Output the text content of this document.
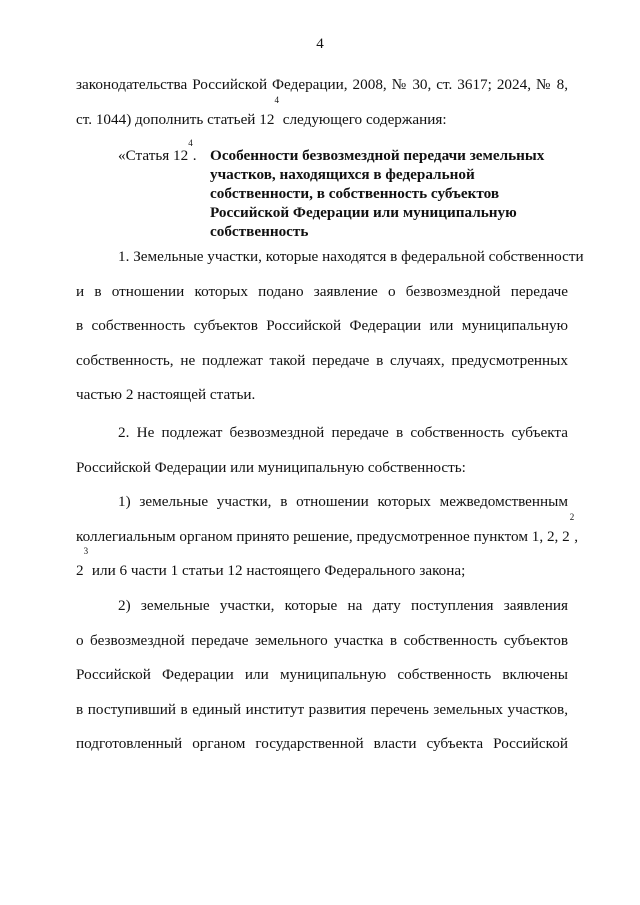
4
законодательства Российской Федерации, 2008, № 30, ст. 3617; 2024, № 8,
ст. 1044) дополнить статьей $12^4$ следующего содержания:
«Статья $12^4$. Особенности безвозмездной передачи земельных
участков, находящихся в федеральной
собственности, в собственность субъектов
Российской Федерации или муниципальную
собственность
1. Земельные участки, которые находятся в федеральной собственности
и в отношении которых подано заявление о безвозмездной передаче
в собственность субъектов Российской Федерации или муниципальную
собственность, не подлежат такой передаче в случаях, предусмотренных
частью 2 настоящей статьи.
2. Не подлежат безвозмездной передаче в собственность субъекта
Российской Федерации или муниципальную собственность:
1) земельные участки, в отношении которых межведомственным
коллегиальным органом принято решение, предусмотренное пунктом 1, 2, $2^2$,
$2^3$ или 6 части 1 статьи 12 настоящего Федерального закона;
2) земельные участки, которые на дату поступления заявления
о безвозмездной передаче земельного участка в собственность субъектов
Российской Федерации или муниципальную собственность включены
в поступивший в единый институт развития перечень земельных участков,
подготовленный органом государственной власти субъекта Российской
